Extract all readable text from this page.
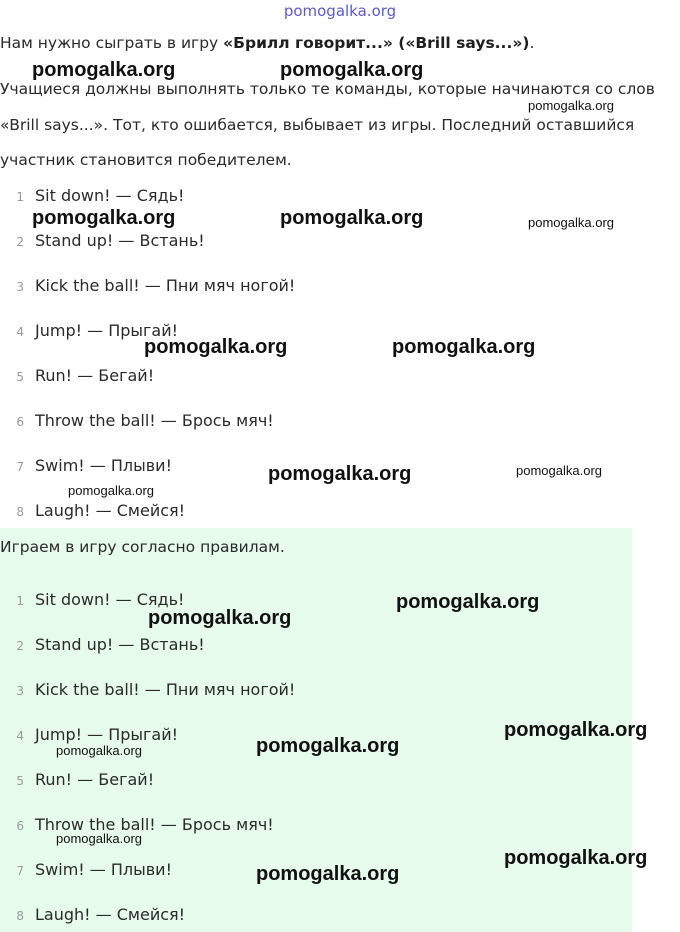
pomogalka.org
Нам нужно сыграть в игру «Брилл говорит...» («Brill says...»).
Учащиеся должны выполнять только те команды, которые начинаются со слов
«Brill says...». Тот, кто ошибается, выбывает из игры. Последний оставшийся
участник становится победителем.
1 Sit down! — Сядь!
2 Stand up! — Встань!
3 Kick the ball! — Пни мяч ногой!
4 Jump! — Прыгай!
5 Run! — Бегай!
6 Throw the ball! — Брось мяч!
7 Swim! — Плыви!
8 Laugh! — Смейся!
Играем в игру согласно правилам.
1 Sit down! — Сядь!
2 Stand up! — Встань!
3 Kick the ball! — Пни мяч ногой!
4 Jump! — Прыгай!
5 Run! — Бегай!
6 Throw the ball! — Брось мяч!
7 Swim! — Плыви!
8 Laugh! — Смейся!
pomogalka.org	pomogalka.org
pomogalka.org
pomogalka.org	pomogalka.org	pomogalka.org
pomogalka.org	pomogalka.org
pomogalka.org	pomogalka.org
pomogalka.org
pomogalka.org
pomogalka.org
pomogalka.org
pomogalka.org
pomogalka.org
pomogalka.org
pomogalka.org
pomogalka.org
